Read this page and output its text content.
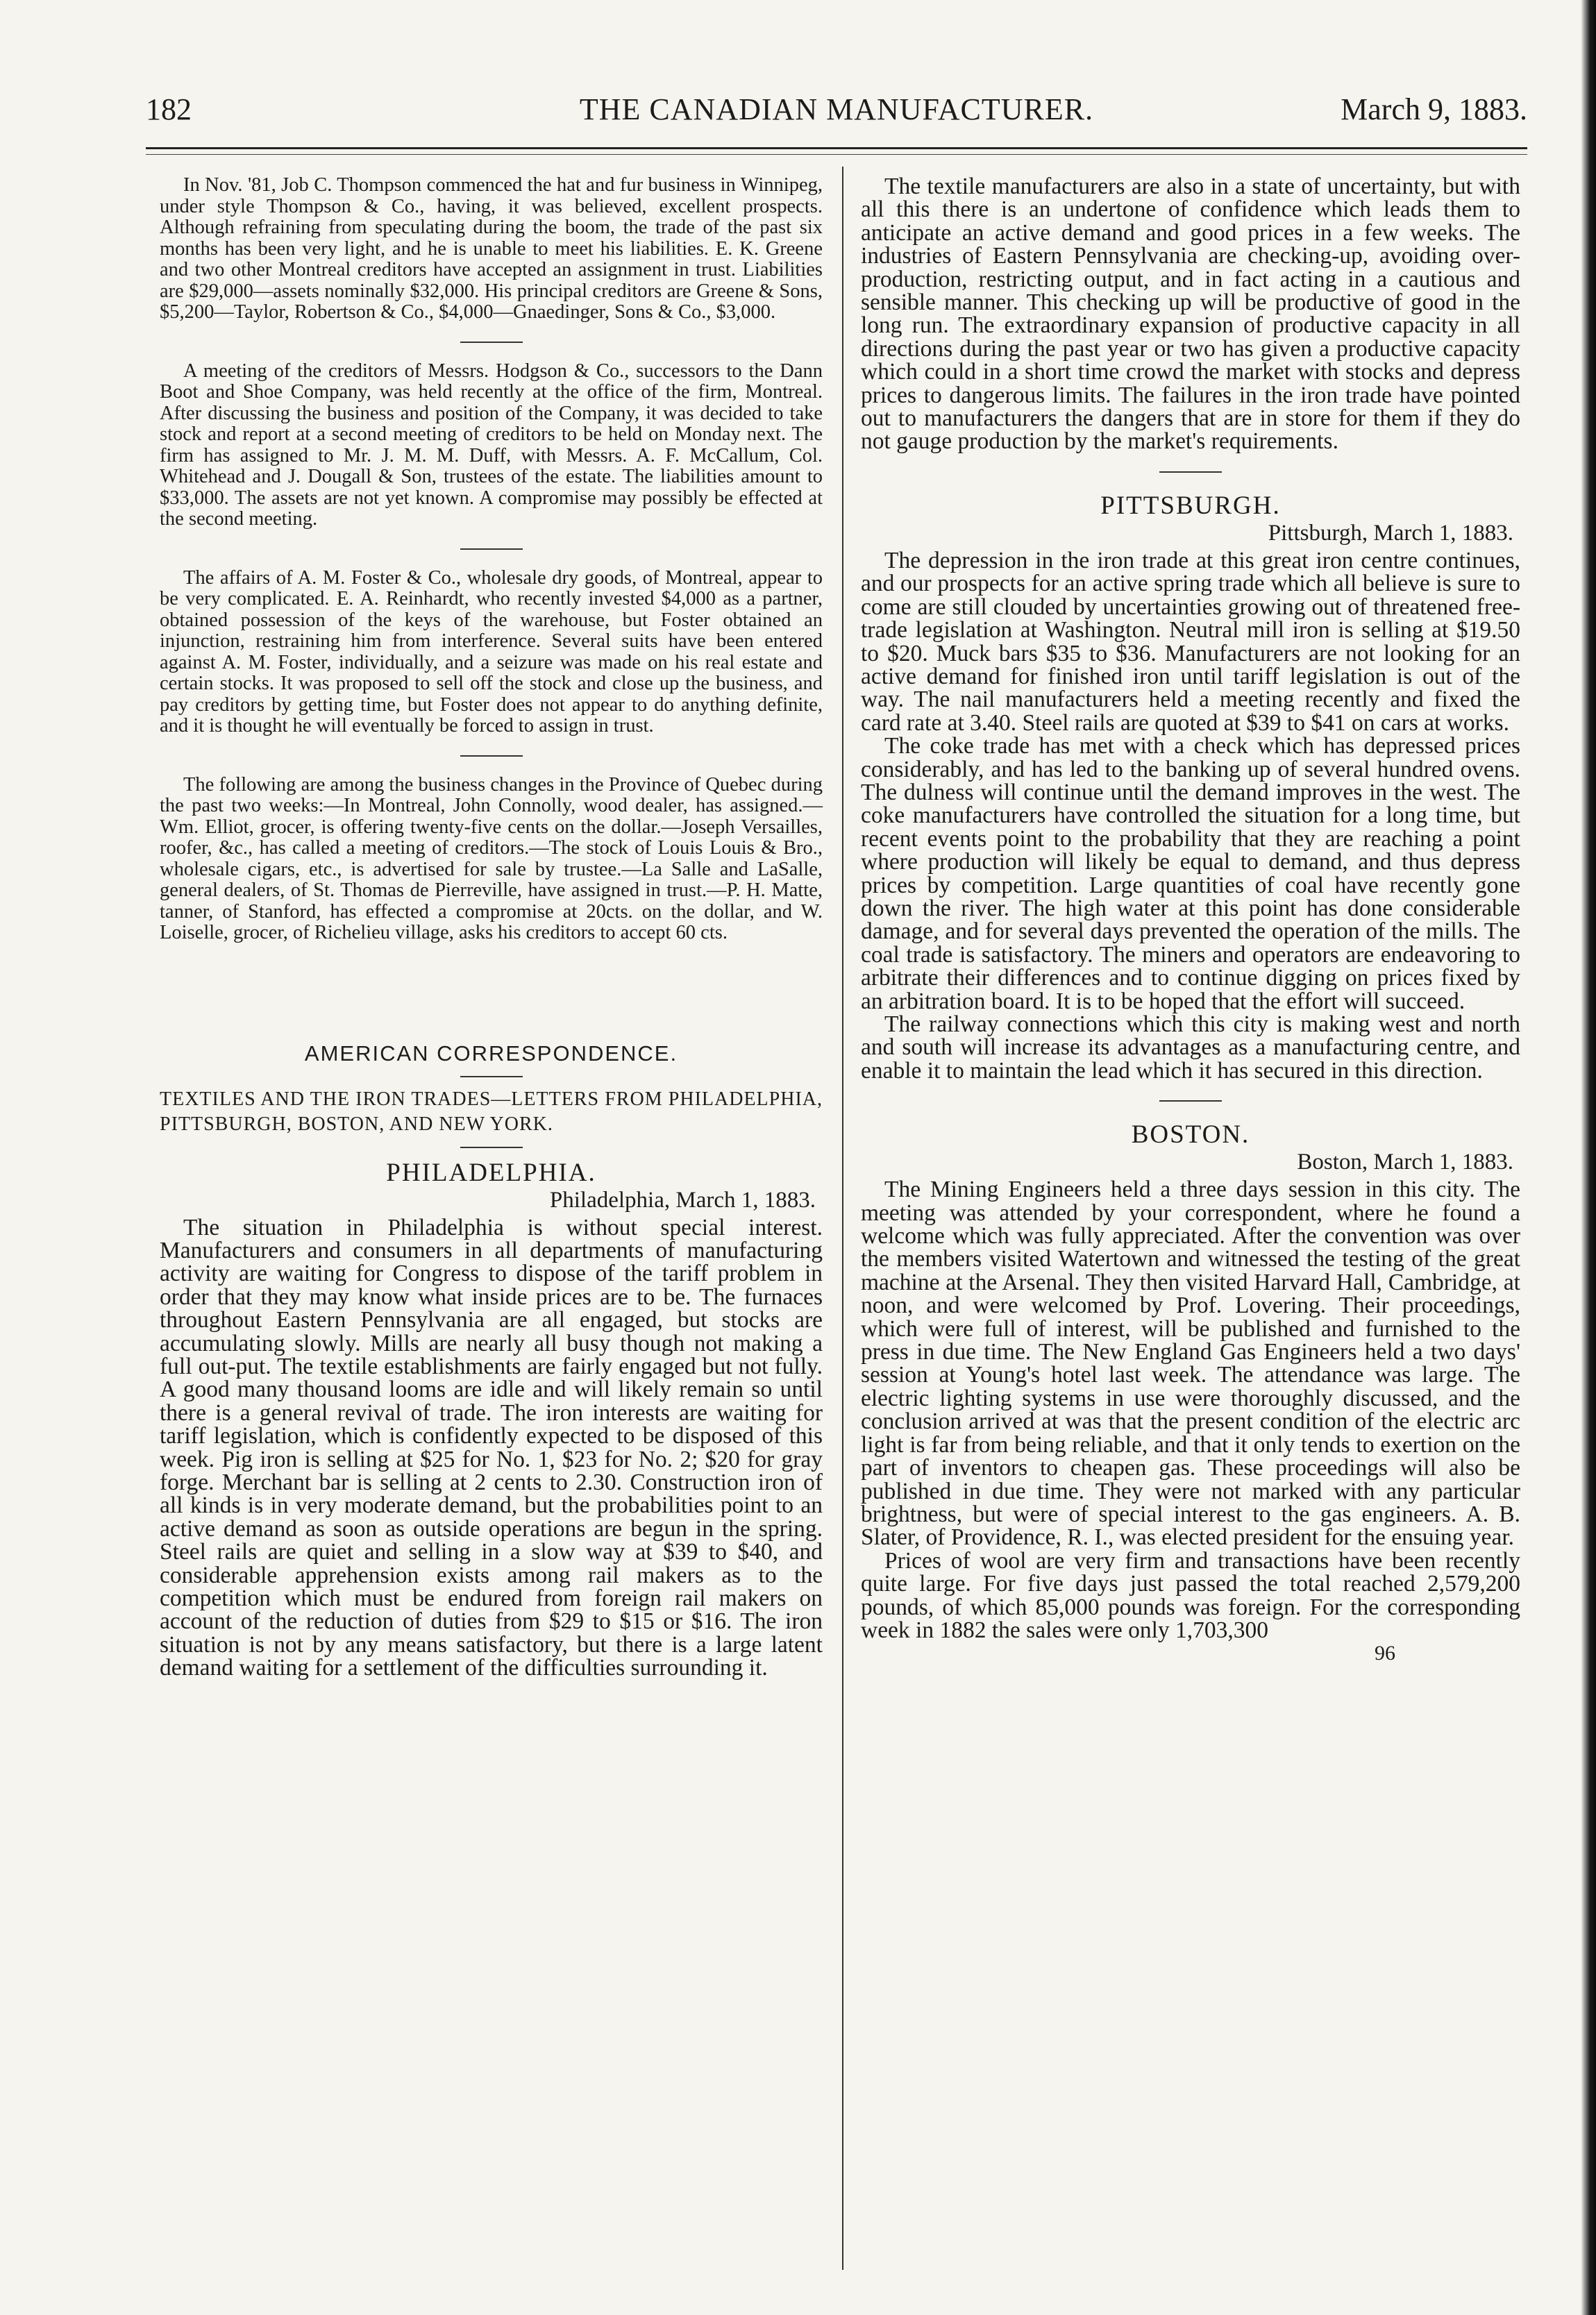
182	THE CANADIAN MANUFACTURER.	March 9, 1883.

In Nov. '81, Job C. Thompson commenced the hat and fur business in Winnipeg, under style Thompson & Co., having, it was believed, excellent prospects. Although refraining from speculating during the boom, the trade of the past six months has been very light, and he is unable to meet his liabilities. E. K. Greene and two other Montreal creditors have accepted an assignment in trust. Liabilities are $29,000—assets nominally $32,000. His principal creditors are Greene & Sons, $5,200—Taylor, Robertson & Co., $4,000—Gnaedinger, Sons & Co., $3,000.

A meeting of the creditors of Messrs. Hodgson & Co., successors to the Dann Boot and Shoe Company, was held recently at the office of the firm, Montreal. After discussing the business and position of the Company, it was decided to take stock and report at a second meeting of creditors to be held on Monday next. The firm has assigned to Mr. J. M. M. Duff, with Messrs. A. F. McCallum, Col. Whitehead and J. Dougall & Son, trustees of the estate. The liabilities amount to $33,000. The assets are not yet known. A compromise may possibly be effected at the second meeting.

The affairs of A. M. Foster & Co., wholesale dry goods, of Montreal, appear to be very complicated. E. A. Reinhardt, who recently invested $4,000 as a partner, obtained possession of the keys of the warehouse, but Foster obtained an injunction, restraining him from interference. Several suits have been entered against A. M. Foster, individually, and a seizure was made on his real estate and certain stocks. It was proposed to sell off the stock and close up the business, and pay creditors by getting time, but Foster does not appear to do anything definite, and it is thought he will eventually be forced to assign in trust.

The following are among the business changes in the Province of Quebec during the past two weeks:—In Montreal, John Connolly, wood dealer, has assigned.—Wm. Elliot, grocer, is offering twenty-five cents on the dollar.—Joseph Versailles, roofer, &c., has called a meeting of creditors.—The stock of Louis Louis & Bro., wholesale cigars, etc., is advertised for sale by trustee.—La Salle and LaSalle, general dealers, of St. Thomas de Pierreville, have assigned in trust.—P. H. Matte, tanner, of Stanford, has effected a compromise at 20cts. on the dollar, and W. Loiselle, grocer, of Richelieu village, asks his creditors to accept 60 cts.

AMERICAN CORRESPONDENCE.

TEXTILES AND THE IRON TRADES—LETTERS FROM PHILADELPHIA, PITTSBURGH, BOSTON, AND NEW YORK.

PHILADELPHIA.

Philadelphia, March 1, 1883.

The situation in Philadelphia is without special interest. Manufacturers and consumers in all departments of manufacturing activity are waiting for Congress to dispose of the tariff problem in order that they may know what inside prices are to be. The furnaces throughout Eastern Pennsylvania are all engaged, but stocks are accumulating slowly. Mills are nearly all busy though not making a full out-put. The textile establishments are fairly engaged but not fully. A good many thousand looms are idle and will likely remain so until there is a general revival of trade. The iron interests are waiting for tariff legislation, which is confidently expected to be disposed of this week. Pig iron is selling at $25 for No. 1, $23 for No. 2; $20 for gray forge. Merchant bar is selling at 2 cents to 2.30. Construction iron of all kinds is in very moderate demand, but the probabilities point to an active demand as soon as outside operations are begun in the spring. Steel rails are quiet and selling in a slow way at $39 to $40, and considerable apprehension exists among rail makers as to the competition which must be endured from foreign rail makers on account of the reduction of duties from $29 to $15 or $16. The iron situation is not by any means satisfactory, but there is a large latent demand waiting for a settlement of the difficulties surrounding it.

The textile manufacturers are also in a state of uncertainty, but with all this there is an undertone of confidence which leads them to anticipate an active demand and good prices in a few weeks. The industries of Eastern Pennsylvania are checking-up, avoiding over-production, restricting output, and in fact acting in a cautious and sensible manner. This checking up will be productive of good in the long run. The extraordinary expansion of productive capacity in all directions during the past year or two has given a productive capacity which could in a short time crowd the market with stocks and depress prices to dangerous limits. The failures in the iron trade have pointed out to manufacturers the dangers that are in store for them if they do not gauge production by the market's requirements.

PITTSBURGH.

Pittsburgh, March 1, 1883.

The depression in the iron trade at this great iron centre continues, and our prospects for an active spring trade which all believe is sure to come are still clouded by uncertainties growing out of threatened free-trade legislation at Washington. Neutral mill iron is selling at $19.50 to $20. Muck bars $35 to $36. Manufacturers are not looking for an active demand for finished iron until tariff legislation is out of the way. The nail manufacturers held a meeting recently and fixed the card rate at 3.40. Steel rails are quoted at $39 to $41 on cars at works.

The coke trade has met with a check which has depressed prices considerably, and has led to the banking up of several hundred ovens. The dulness will continue until the demand improves in the west. The coke manufacturers have controlled the situation for a long time, but recent events point to the probability that they are reaching a point where production will likely be equal to demand, and thus depress prices by competition. Large quantities of coal have recently gone down the river. The high water at this point has done considerable damage, and for several days prevented the operation of the mills. The coal trade is satisfactory. The miners and operators are endeavoring to arbitrate their differences and to continue digging on prices fixed by an arbitration board. It is to be hoped that the effort will succeed.

The railway connections which this city is making west and north and south will increase its advantages as a manufacturing centre, and enable it to maintain the lead which it has secured in this direction.

BOSTON.

Boston, March 1, 1883.

The Mining Engineers held a three days session in this city. The meeting was attended by your correspondent, where he found a welcome which was fully appreciated. After the convention was over the members visited Watertown and witnessed the testing of the great machine at the Arsenal. They then visited Harvard Hall, Cambridge, at noon, and were welcomed by Prof. Lovering. Their proceedings, which were full of interest, will be published and furnished to the press in due time. The New England Gas Engineers held a two days' session at Young's hotel last week. The attendance was large. The electric lighting systems in use were thoroughly discussed, and the conclusion arrived at was that the present condition of the electric arc light is far from being reliable, and that it only tends to exertion on the part of inventors to cheapen gas. These proceedings will also be published in due time. They were not marked with any particular brightness, but were of special interest to the gas engineers. A. B. Slater, of Providence, R. I., was elected president for the ensuing year.

Prices of wool are very firm and transactions have been recently quite large. For five days just passed the total reached 2,579,200 pounds, of which 85,000 pounds was foreign. For the corresponding week in 1882 the sales were only 1,703,300

96
